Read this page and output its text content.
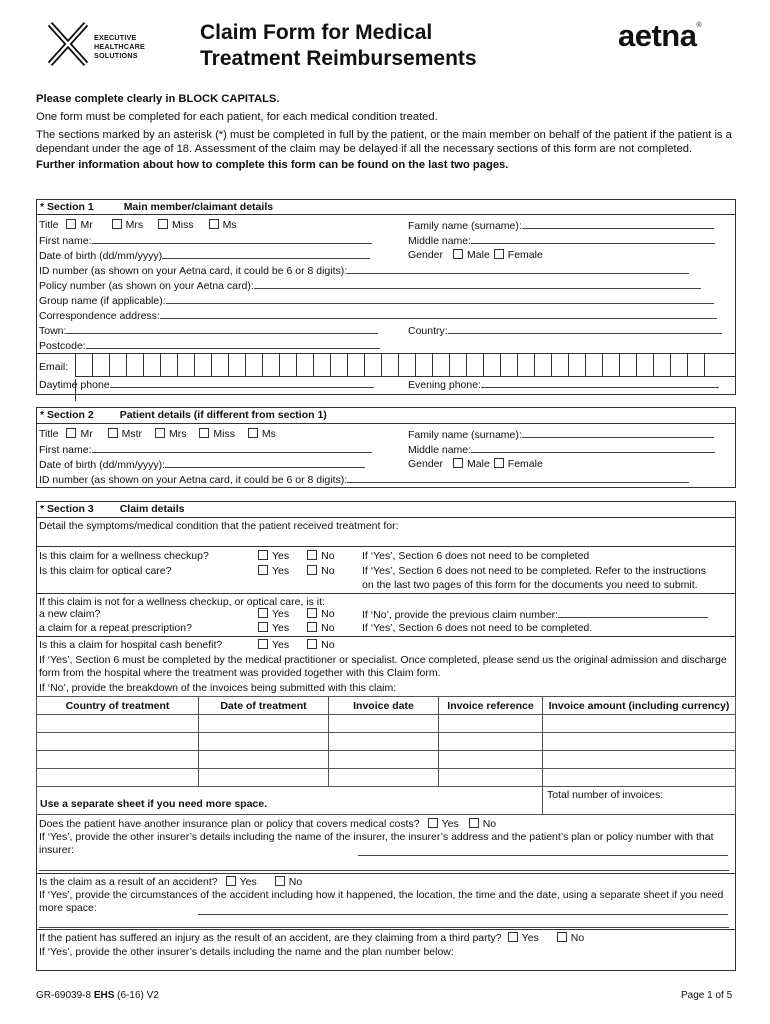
EXECUTIVE
HEALTHCARE
SOLUTIONS
Claim Form for Medical
Treatment Reimbursements
aetna®

Please complete clearly in BLOCK CAPITALS.

One form must be completed for each patient, for each medical condition treated.

The sections marked by an asterisk (*) must be completed in full by the patient, or the main member on behalf of the patient if the patient is a dependant under the age of 18. Assessment of the claim may be delayed if all the necessary sections of this form are not completed.

Further information about how to complete this form can be found on the last two pages.

* Section 1	Main member/claimant details
Title Mr	Mrs	Miss	Ms	Family name (surname):
First name:	Middle name:
Date of birth (dd/mm/yyyy)	Gender Male Female
ID number (as shown on your Aetna card, it could be 6 or 8 digits):
Policy number (as shown on your Aetna card):
Group name (if applicable):
Correspondence address:
Town:	Country:
Postcode:
Email:
Daytime phone	Evening phone:
* Section 2 Patient details (if different from section 1)
Title Mr	Mstr	Mrs	Miss	Ms	Family name (surname):
First name:	Middle name:
Date of birth (dd/mm/yyyy):	Gender Male Female
ID number (as shown on your Aetna card, it could be 6 or 8 digits):
* Section 3 Claim details
Detail the symptoms/medical condition that the patient received treatment for:
Is this claim for a wellness checkup?	Yes	No	If ‘Yes’, Section 6 does not need to be completed
Is this claim for optical care?	Yes	No	If ‘Yes’, Section 6 does not need to be completed. Refer to the instructions
on the last two pages of this form for the documents you need to submit.
If this claim is not for a wellness checkup, or optical care, is it:
a new claim?	Yes	No	If ‘No’, provide the previous claim number:
a claim for a repeat prescription?	Yes	No	If ‘Yes’, Section 6 does not need to be completed.
Is this a claim for hospital cash benefit?	Yes	No
If ‘Yes’, Section 6 must be completed by the medical practitioner or specialist. Once completed, please send us the original admission and discharge form from the hospital where the treatment was provided together with this Claim form.
If ‘No’, provide the breakdown of the invoices being submitted with this claim:
Country of treatment	Date of treatment	Invoice date	Invoice reference	Invoice amount (including currency)

Use a separate sheet if you need more space.				Total number of invoices:
Does the patient have another insurance plan or policy that covers medical costs? Yes No
If ‘Yes’, provide the other insurer’s details including the name of the insurer, the insurer’s address and the patient’s plan or policy number with that insurer:
Is the claim as a result of an accident? Yes	No
If ‘Yes’, provide the circumstances of the accident including how it happened, the location, the time and the date, using a separate sheet if you need more space:
If the patient has suffered an injury as the result of an accident, are they claiming from a third party? Yes	No
If ‘Yes’, provide the other insurer’s details including the name and the plan number below:
GR-69039-8 EHS (6-16) V2	Page 1 of 5
